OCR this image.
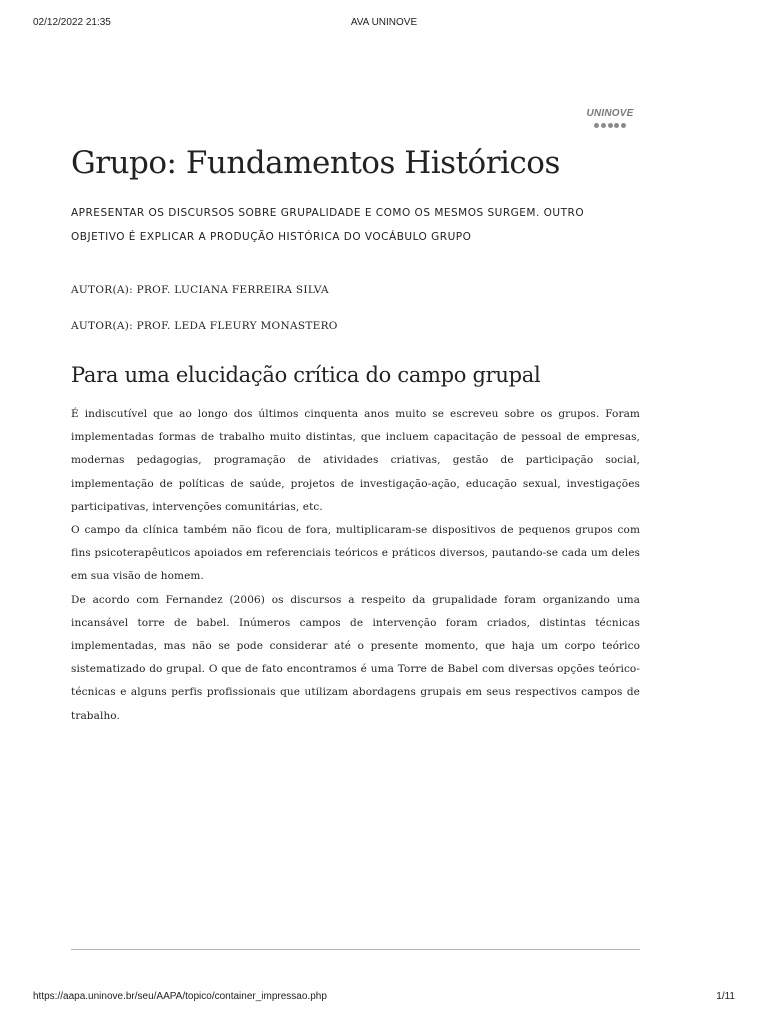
02/12/2022 21:35	AVA UNINOVE
UNINOVE
Grupo: Fundamentos Históricos
APRESENTAR OS DISCURSOS SOBRE GRUPALIDADE E COMO OS MESMOS SURGEM. OUTRO OBJETIVO É EXPLICAR A PRODUÇÃO HISTÓRICA DO VOCÁBULO GRUPO
AUTOR(A): PROF. LUCIANA FERREIRA SILVA
AUTOR(A): PROF. LEDA FLEURY MONASTERO
Para uma elucidação crítica do campo grupal

É indiscutível que ao longo dos últimos cinquenta anos muito se escreveu sobre os grupos. Foram implementadas formas de trabalho muito distintas, que incluem capacitação de pessoal de empresas, modernas pedagogias, programação de atividades criativas, gestão de participação social, implementação de políticas de saúde, projetos de investigação-ação, educação sexual, investigações participativas, intervenções comunitárias, etc.

O campo da clínica também não ficou de fora, multiplicaram-se dispositivos de pequenos grupos com fins psicoterapêuticos apoiados em referenciais teóricos e práticos diversos, pautando-se cada um deles em sua visão de homem.

De acordo com Fernandez (2006) os discursos a respeito da grupalidade foram organizando uma incansável torre de babel. Inúmeros campos de intervenção foram criados, distintas técnicas implementadas, mas não se pode considerar até o presente momento, que haja um corpo teórico sistematizado do grupal. O que de fato encontramos é uma Torre de Babel com diversas opções teórico-técnicas e alguns perfis profissionais que utilizam abordagens grupais em seus respectivos campos de trabalho.

https://aapa.uninove.br/seu/AAPA/topico/container_impressao.php	1/11
